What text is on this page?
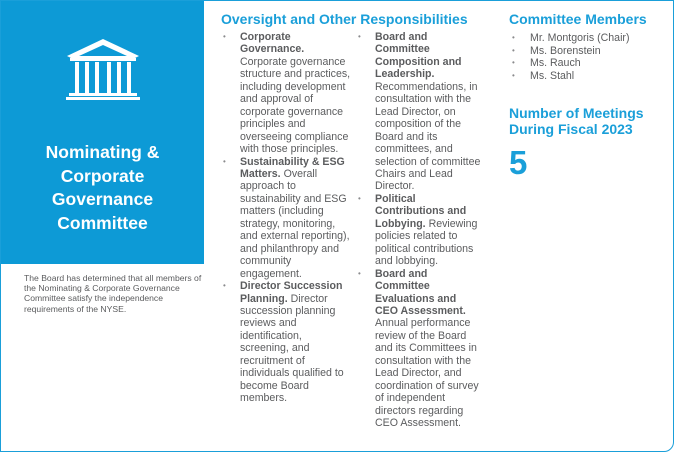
Nominating &
Corporate
Governance
Committee

The Board has determined that all members of the Nominating & Corporate Governance Committee satisfy the independence requirements of the NYSE.

Oversight and Other Responsibilities
• Corporate Governance. Corporate governance structure and practices, including development and approval of corporate governance principles and overseeing compliance with those principles.
• Sustainability & ESG Matters. Overall approach to sustainability and ESG matters (including strategy, monitoring, and external reporting), and philanthropy and community engagement.
• Director Succession Planning. Director succession planning reviews and identification, screening, and recruitment of individuals qualified to become Board members.
• Board and Committee Composition and Leadership. Recommendations, in consultation with the Lead Director, on composition of the Board and its committees, and selection of committee Chairs and Lead Director.
• Political Contributions and Lobbying. Reviewing policies related to political contributions and lobbying.
• Board and Committee Evaluations and CEO Assessment. Annual performance review of the Board and its Committees in consultation with the Lead Director, and coordination of survey of independent directors regarding CEO Assessment.
Committee Members
• Mr. Montgoris (Chair)
• Ms. Borenstein
• Ms. Rauch
• Ms. Stahl
Number of Meetings During Fiscal 2023
5
